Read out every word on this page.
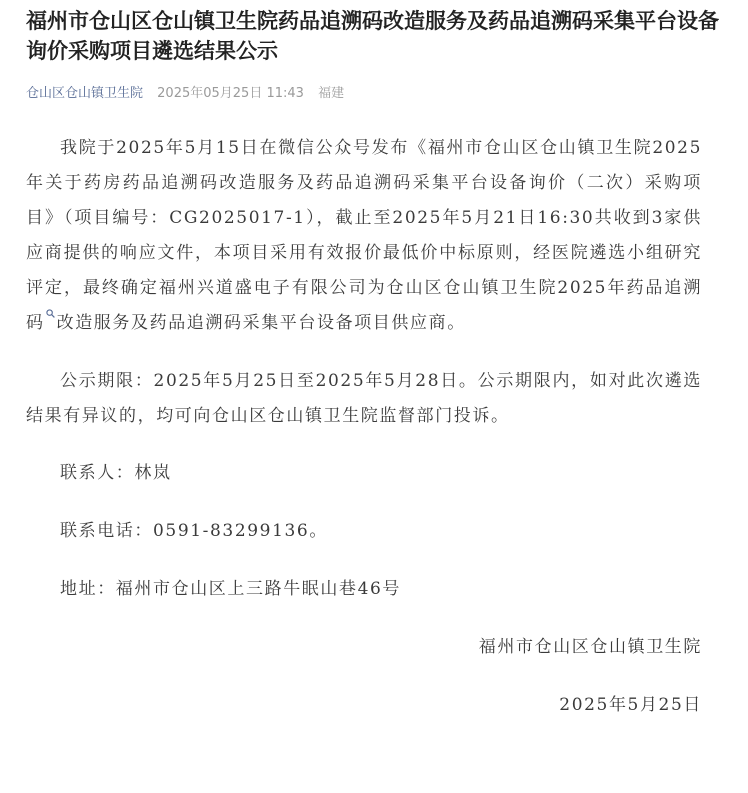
福州市仓山区仓山镇卫生院药品追溯码改造服务及药品追溯码采集平台设备询价采购项目遴选结果公示
仓山区仓山镇卫生院 2025年05月25日 11:43 福建

我院于2025年5月15日在微信公众号发布《福州市仓山区仓山镇卫生院2025年关于药房药品追溯码改造服务及药品追溯码采集平台设备询价（二次）采购项目》（项目编号：CG2025017-1），截止至2025年5月21日16:30共收到3家供应商提供的响应文件，本项目采用有效报价最低价中标原则，经医院遴选小组研究评定，最终确定福州兴道盛电子有限公司为仓山区仓山镇卫生院2025年药品追溯码 改造服务及药品追溯码采集平台设备项目供应商。

公示期限：2025年5月25日至2025年5月28日。公示期限内，如对此次遴选结果有异议的，均可向仓山区仓山镇卫生院监督部门投诉。

联系人：林岚

联系电话：0591-83299136。

地址：福州市仓山区上三路牛眠山巷46号

福州市仓山区仓山镇卫生院

2025年5月25日
